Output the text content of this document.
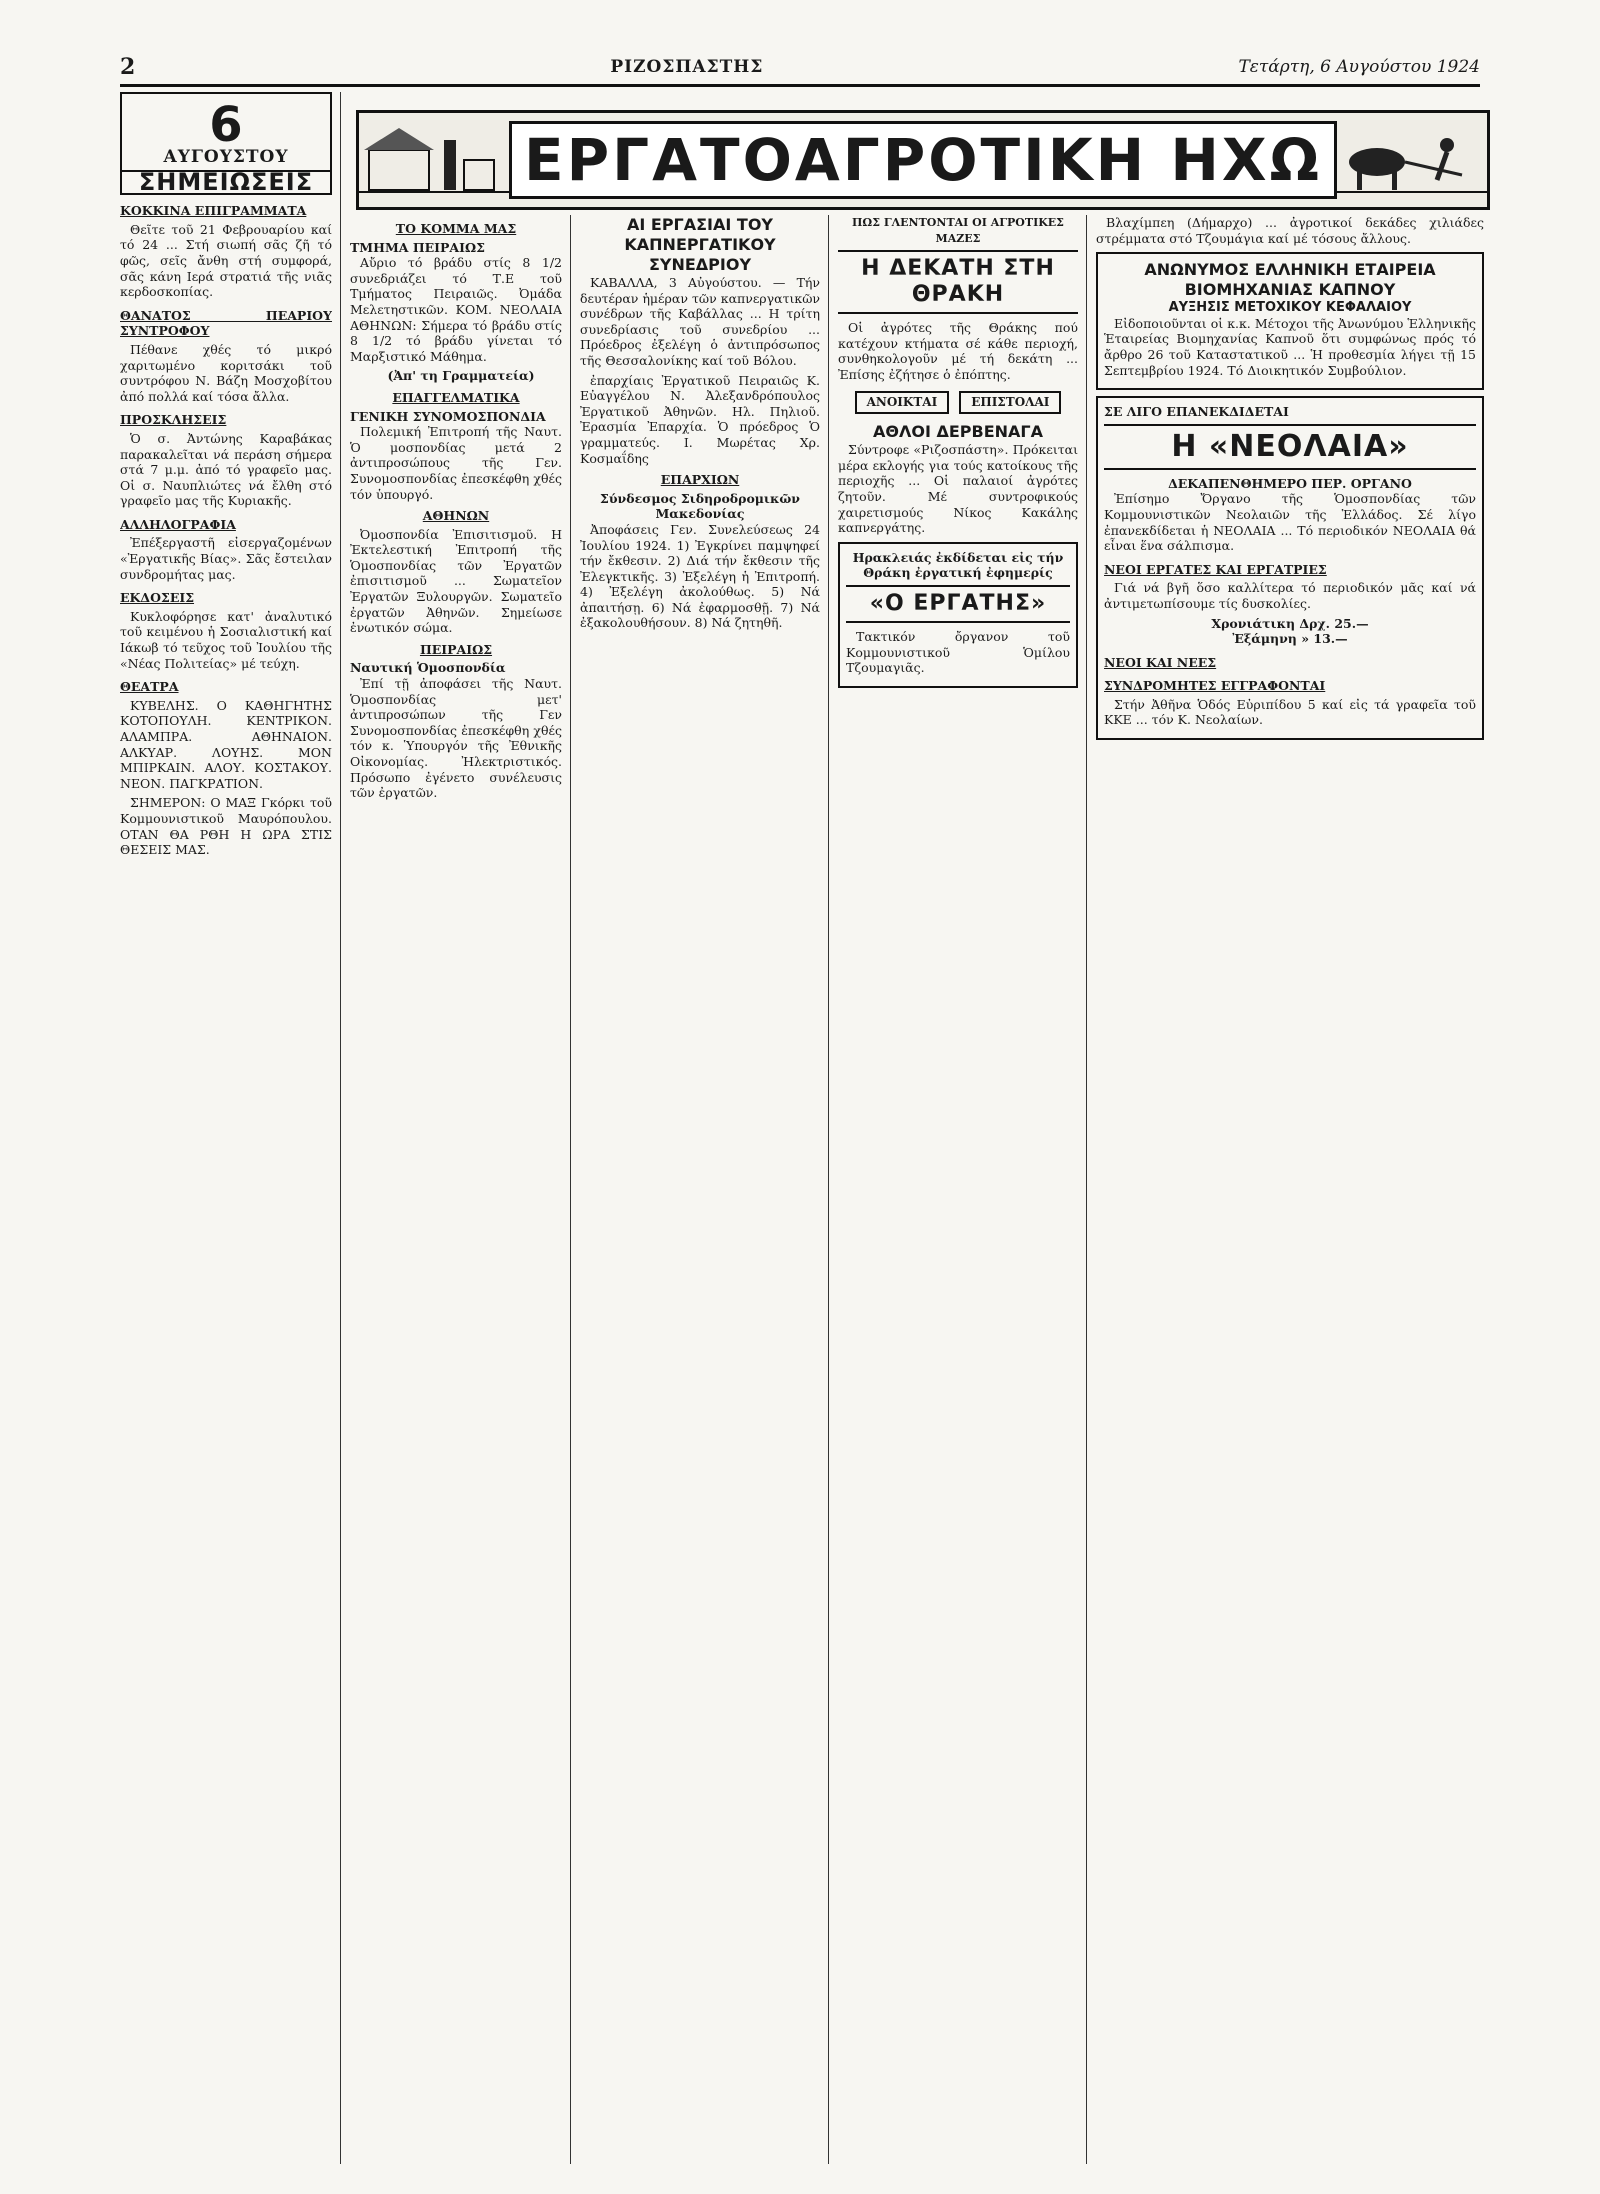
2	ΡΙΖΟΣΠΑΣΤΗΣ	Τετάρτη, 6 Αυγούστου 1924
ΕΡΓΑΤΟΑΓΡΟΤΙΚΗ ΗΧΩ
6
ΑΥΓΟΥΣΤΟΥ
ΣΗΜΕΙΩΣΕΙΣ
ΚΟΚΚΙΝΑ ΕΠΙΓΡΑΜΜΑΤΑ

Θεῖτε τοῦ 21 Φεβρουαρίου καί τό 24 ... Στή σιωπή σᾶς ζῆ τό φῶς, σεῖς ἄνθη στή συμφορά, σᾶς κάνη Ιερά στρατιά τῆς νιᾶς κερδοσκοπίας.

ΘΑΝΑΤΟΣ ΠΕΑΡΙΟΥ ΣΥΝΤΡΟΦΟΥ

Πέθανε χθές τό μικρό χαριτωμένο κοριτσάκι τοῦ συντρόφου Ν. Βάζη Μοσχοβίτου ἀπό πολλά καί τόσα ἄλλα.

ΠΡΟΣΚΛΗΣΕΙΣ

Ὁ σ. Ἀντώνης Καραβάκας παρακαλεῖται νά περάση σήμερα στά 7 μ.μ. ἀπό τό γραφεῖο μας. Οἱ σ. Ναυπλιώτες νά ἔλθη στό γραφεῖο μας τῆς Κυριακῆς.

ΑΛΛΗΛΟΓΡΑΦΙΑ

Ἐπέξεργαστῆ εἰσεργαζομένων «Ἐργατικῆς Βίας». Σᾶς ἔστειλαν συνδρομήτας μας.

ΕΚΔΟΣΕΙΣ

Κυκλοφόρησε κατ' ἀναλυτικό τοῦ κειμένου ἡ Σοσιαλιστική καί Ιάκωβ τό τεῦχος τοῦ Ἰουλίου τῆς «Νέας Πολιτείας» μέ τεύχη.

ΘΕΑΤΡΑ

ΚΥΒΕΛΗΣ. Ο ΚΑΘΗΓΗΤΗΣ ΚΟΤΟΠΟΥΛΗ. ΚΕΝΤΡΙΚΟΝ. ΑΛΑΜΠΡΑ. ΑΘΗΝΑΙΟΝ. ΑΛΚΥΑΡ. ΛΟΥΗΣ. ΜΟΝ ΜΠΙΡΚΑΙΝ. ΑΛΟΥ. ΚΟΣΤΑΚΟΥ. ΝΕΟΝ. ΠΑΓΚΡΑΤΙΟΝ.

ΣΗΜΕΡΟΝ: Ο ΜΑΞ Γκόρκι τοῦ Κομμουνιστικοῦ Μαυρόπουλου. ΟΤΑΝ ΘΑ ΡΘΗ Η ΩΡΑ ΣΤΙΣ ΘΕΣΕΙΣ ΜΑΣ.

ΤΟ ΚΟΜΜΑ ΜΑΣ
ΤΜΗΜΑ ΠΕΙΡΑΙΩΣ

Αὔριο τό βράδυ στίς 8 1/2 συνεδριάζει τό Τ.Ε τοῦ Τμήματος Πειραιῶς. Ὀμάδα Μελετηστικῶν. ΚΟΜ. ΝΕΟΛΑΙΑ ΑΘΗΝΩΝ: Σήμερα τό βράδυ στίς 8 1/2 τό βράδυ γίνεται τό Μαρξιστικό Μάθημα.

(Ἀπ' τη Γραμματεία)

ΕΠΑΓΓΕΛΜΑΤΙΚΑ
ΓΕΝΙΚΗ ΣΥΝΟΜΟΣΠΟΝΔΙΑ

Πολεμική Ἐπιτροπή τῆς Ναυτ. Ὁ μοσπονδίας μετά 2 ἀντιπροσώπους τῆς Γεν. Συνομοσπονδίας ἐπεσκέφθη χθές τόν ὑπουργό.

ΑΘΗΝΩΝ

Ὀμοσπονδία Ἐπισιτισμοῦ. Η Ἐκτελεστική Ἐπιτροπή τῆς Ὁμοσπονδίας τῶν Ἐργατῶν ἐπισιτισμοῦ ... Σωματεῖον Ἐργατῶν Ξυλουργῶν. Σωματεῖο ἐργατῶν Ἀθηνῶν. Σημείωσε ἐνωτικόν σώμα.

ΠΕΙΡΑΙΩΣ
Ναυτική Ὁμοσπονδία

Ἐπί τῇ ἀποφάσει τῆς Ναυτ. Ὁμοσπονδίας μετ' ἀντιπροσώπων τῆς Γεν Συνομοσπονδίας ἐπεσκέφθη χθές τόν κ. Ὑπουργόν τῆς Ἐθνικῆς Οἰκονομίας. Ἠλεκτριστικός. Πρόσωπο ἐγένετο συνέλευσις τῶν ἐργατῶν.

ΑΙ ΕΡΓΑΣΙΑΙ ΤΟΥ ΚΑΠΝΕΡΓΑΤΙΚΟΥ ΣΥΝΕΔΡΙΟΥ

ΚΑΒΑΛΛΑ, 3 Αὐγούστου. — Τήν δευτέραν ἡμέραν τῶν καπνεργατικῶν συνέδρων τῆς Καβάλλας ... Η τρίτη συνεδρίασις τοῦ συνεδρίου ... Πρόεδρος ἐξελέγη ὁ ἀντιπρόσωπος τῆς Θεσσαλονίκης καί τοῦ Βόλου.

ἐπαρχίαις Ἐργατικοῦ Πειραιῶς Κ. Εὐαγγέλου Ν. Ἀλεξανδρόπουλος Ἐργατικοῦ Ἀθηνῶν. Ηλ. Πηλιοῦ. Ἐρασμία Ἐπαρχία. Ὁ πρόεδρος Ὁ γραμματεύς. Ι. Μωρέτας Χρ. Κοσμαΐδης

ΕΠΑΡΧΙΩΝ
Σύνδεσμος Σιδηροδρομικῶν Μακεδονίας

Ἀποφάσεις Γεν. Συνελεύσεως 24 Ἰουλίου 1924. 1) Ἐγκρίνει παμψηφεί τήν ἔκθεσιν. 2) Διά τήν ἔκθεσιν τῆς Ἐλεγκτικῆς. 3) Ἐξελέγη ἡ Ἐπιτροπή. 4) Ἐξελέγη ἀκολούθως. 5) Νά ἀπαιτήσῃ. 6) Νά ἐφαρμοσθῇ. 7) Νά ἐξακολουθήσουν. 8) Νά ζητηθῆ.

ΠΩΣ ΓΛΕΝΤΟΝΤΑΙ ΟΙ ΑΓΡΟΤΙΚΕΣ ΜΑΖΕΣ
Η ΔΕΚΑΤΗ ΣΤΗ ΘΡΑΚΗ

Οἱ ἀγρότες τῆς Θράκης πού κατέχουν κτήματα σέ κάθε περιοχή, συνθηκολογοῦν μέ τή δεκάτη ... Ἐπίσης ἐζήτησε ὁ ἐπόπτης.

ΑΝΟΙΚΤΑΙ	ΕΠΙΣΤΟΛΑΙ
ΑΘΛΟΙ ΔΕΡΒΕΝΑΓΑ

Σύντροφε «Ριζοσπάστη». Πρόκειται μέρα εκλογής για τούς κατοίκους τῆς περιοχῆς ... Οἱ παλαιοί ἀγρότες ζητοῦν. Μέ συντροφικούς χαιρετισμούς Νίκος Κακάλης καπνεργάτης.

Ηρακλειάς ἐκδίδεται εἰς τήν Θράκη ἐργατική ἐφημερίς
«Ο ΕΡΓΑΤΗΣ»

Τακτικόν ὄργανον τοῦ Κομμουνιστικοῦ Ὁμίλου Τζουμαγιᾶς.

Βλαχίμπεη (Δήμαρχο) ... ἀγροτικοί δεκάδες χιλιάδες στρέμματα στό Τζουμάγια καί μέ τόσους ἄλλους.

ΑΝΩΝΥΜΟΣ ΕΛΛΗΝΙΚΗ ΕΤΑΙΡΕΙΑ
ΒΙΟΜΗΧΑΝΙΑΣ ΚΑΠΝΟΥ
ΑΥΞΗΣΙΣ ΜΕΤΟΧΙΚΟΥ ΚΕΦΑΛΑΙΟΥ

Εἰδοποιοῦνται οἱ κ.κ. Μέτοχοι τῆς Ἀνωνύμου Ἑλληνικῆς Ἑταιρείας Βιομηχανίας Καπνοῦ ὅτι συμφώνως πρός τό ἄρθρο 26 τοῦ Καταστατικοῦ ... Ἡ προθεσμία λήγει τῇ 15 Σεπτεμβρίου 1924. Τό Διοικητικόν Συμβούλιον.

ΣΕ ΛΙΓΟ ΕΠΑΝΕΚΔΙΔΕΤΑΙ
Η «ΝΕΟΛΑΙΑ»
ΔΕΚΑΠΕΝΘΗΜΕΡΟ ΠΕΡ. ΟΡΓΑΝΟ

Ἐπίσημο Ὄργανο τῆς Ὁμοσπονδίας τῶν Κομμουνιστικῶν Νεολαιῶν τῆς Ἑλλάδος. Σέ λίγο ἐπανεκδίδεται ἡ ΝΕΟΛΑΙΑ ... Τό περιοδικόν ΝΕΟΛΑΙΑ θά εἶναι ἕνα σάλπισμα.

ΝΕΟΙ ΕΡΓΑΤΕΣ ΚΑΙ ΕΡΓΑΤΡΙΕΣ

Γιά νά βγῆ ὅσο καλλίτερα τό περιοδικόν μᾶς καί νά ἀντιμετωπίσουμε τίς δυσκολίες.

Χρονιάτικη Δρχ. 25.—
Ἐξάμηνη » 13.—
ΝΕΟΙ ΚΑΙ ΝΕΕΣ
ΣΥΝΔΡΟΜΗΤΕΣ ΕΓΓΡΑΦΟΝΤΑΙ

Στήν Ἀθῆνα Ὁδός Εὐριπίδου 5 καί εἰς τά γραφεῖα τοῦ ΚΚΕ ... τόν Κ. Νεολαίων.
